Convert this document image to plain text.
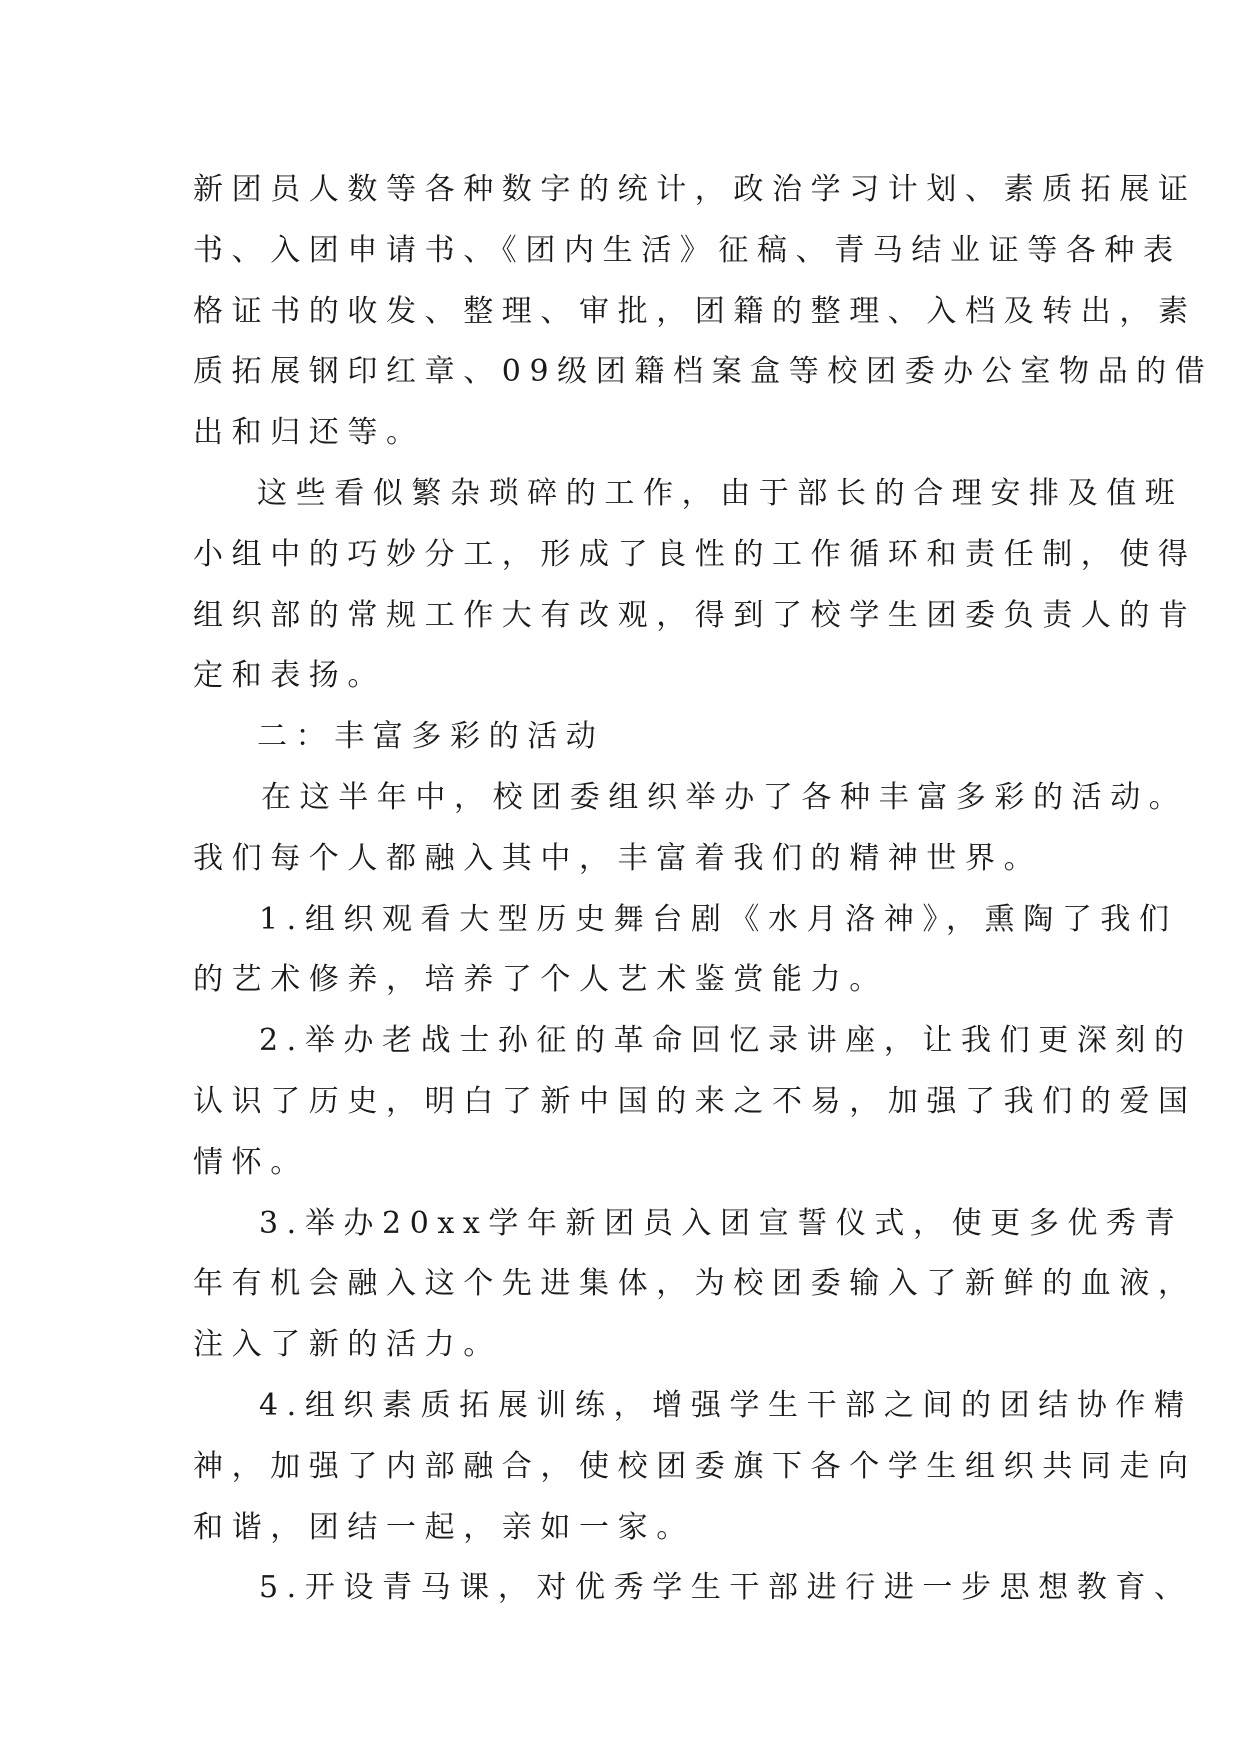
新团员人数等各种数字的统计，政治学习计划、素质拓展证
书、入团申请书、《团内生活》征稿、青马结业证等各种表
格证书的收发、整理、审批，团籍的整理、入档及转出，素
质拓展钢印红章、09级团籍档案盒等校团委办公室物品的借
出和归还等。
这些看似繁杂琐碎的工作，由于部长的合理安排及值班
小组中的巧妙分工，形成了良性的工作循环和责任制，使得
组织部的常规工作大有改观，得到了校学生团委负责人的肯
定和表扬。
二：丰富多彩的活动
在这半年中，校团委组织举办了各种丰富多彩的活动。
我们每个人都融入其中，丰富着我们的精神世界。
1.组织观看大型历史舞台剧《水月洛神》，熏陶了我们
的艺术修养，培养了个人艺术鉴赏能力。
2.举办老战士孙征的革命回忆录讲座，让我们更深刻的
认识了历史，明白了新中国的来之不易，加强了我们的爱国
情怀。
3.举办20xx学年新团员入团宣誓仪式，使更多优秀青
年有机会融入这个先进集体，为校团委输入了新鲜的血液，
注入了新的活力。
4.组织素质拓展训练，增强学生干部之间的团结协作精
神，加强了内部融合，使校团委旗下各个学生组织共同走向
和谐，团结一起，亲如一家。
5.开设青马课，对优秀学生干部进行进一步思想教育、
